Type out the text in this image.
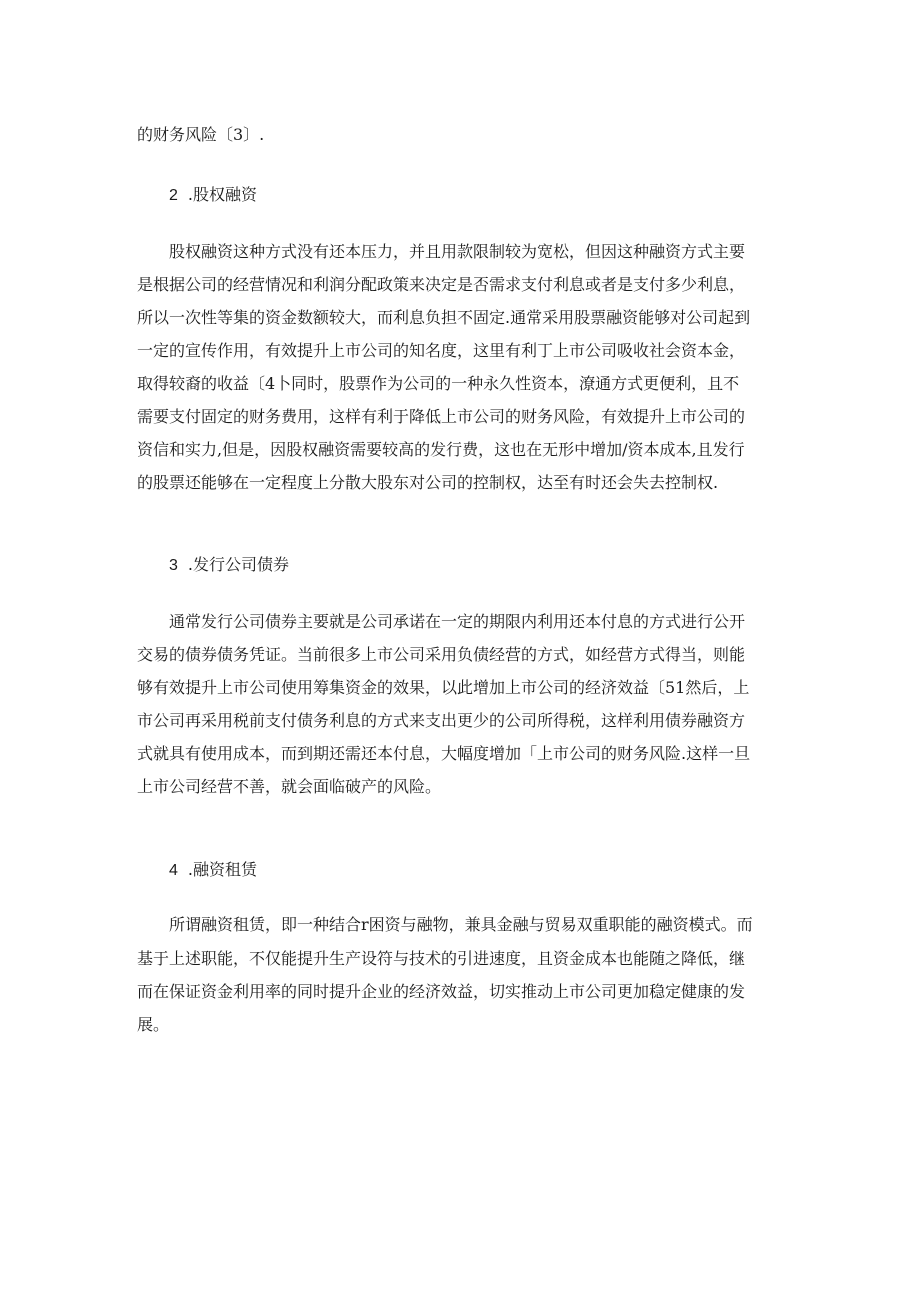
的财务风险〔3〕.
2 .股权融资
股权融资这种方式没有还本压力，并且用款限制较为宽松，但因这种融资方式主要
是根据公司的经营情况和利润分配政策来决定是否需求支付利息或者是支付多少利息，
所以一次性等集的资金数额较大，而利息负担不固定.通常采用股票融资能够对公司起到
一定的宣传作用，有效提升上市公司的知名度，这里有利丁上市公司吸收社会资本金，
取得较裔的收益〔4卜同时，股票作为公司的一种永久性资本，潦通方式更便利，且不
需要支付固定的财务费用，这样有利于降低上市公司的财务风险，有效提升上市公司的
资信和实力,但是，因股权融资需要较高的发行费，这也在无形中增加/资本成本,且发行
的股票还能够在一定程度上分散大股东对公司的控制权，达至有时还会失去控制权.
3 .发行公司债券
通常发行公司债券主要就是公司承诺在一定的期限内利用还本付息的方式进行公开
交易的债券债务凭证。当前很多上市公司采用负债经营的方式，如经营方式得当，则能
够有效提升上市公司使用筹集资金的效果，以此增加上市公司的经济效益〔51然后，上
市公司再采用税前支付债务利息的方式来支出更少的公司所得税，这样利用债券融资方
式就具有使用成本，而到期还需还本付息，大幅度增加「上市公司的财务风险.这样一旦
上市公司经营不善，就会面临破产的风险。
4 .融资租赁
所谓融资租赁，即一种结合r困资与融物，兼具金融与贸易双重职能的融资模式。而
基于上述职能，不仅能提升生产设符与技术的引进速度，且资金成本也能随之降低，继
而在保证资金利用率的同时提升企业的经济效益，切实推动上市公司更加稳定健康的发
展。
